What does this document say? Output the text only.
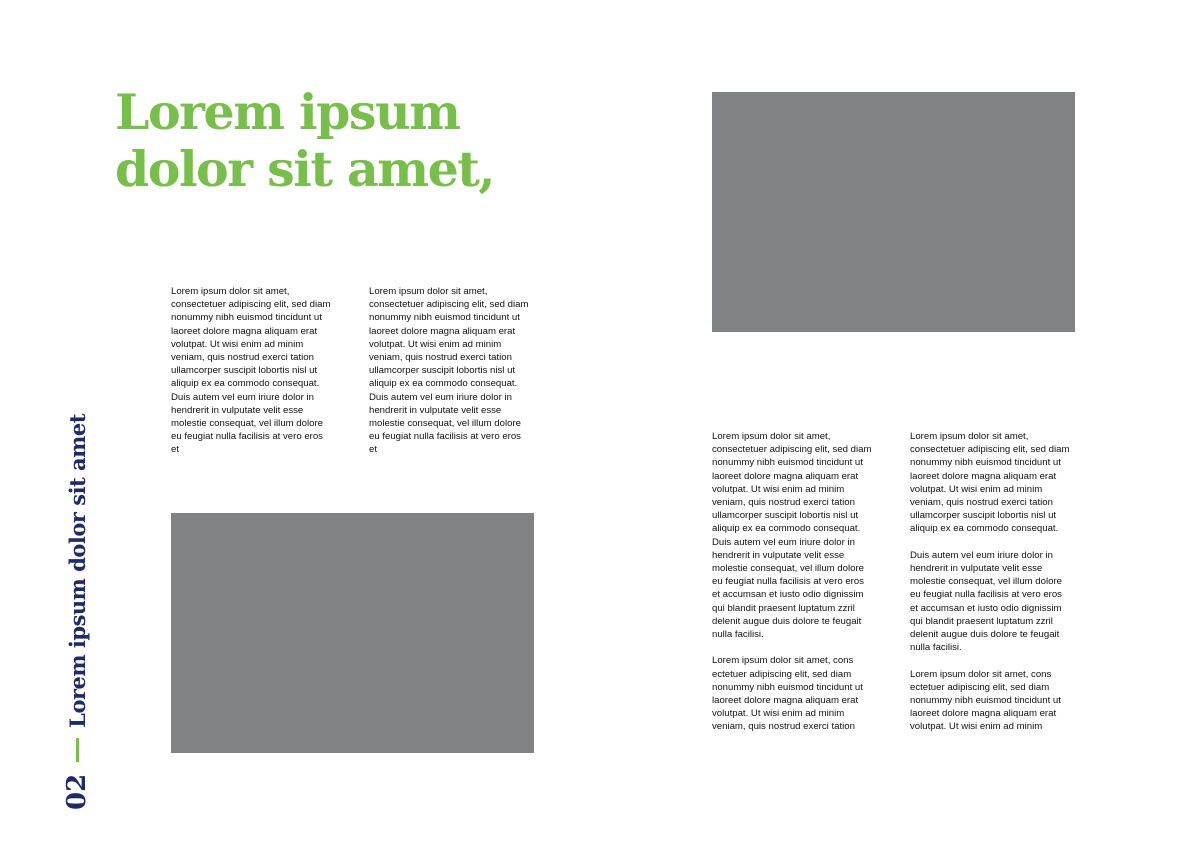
Lorem ipsum
dolor sit amet,

Lorem ipsum dolor sit amet, consectetuer adipiscing elit, sed diam nonummy nibh euismod tincidunt ut laoreet dolore magna aliquam erat volutpat. Ut wisi enim ad minim veniam, quis nostrud exerci tation ullamcorper suscipit lobortis nisl ut aliquip ex ea commodo consequat. Duis autem vel eum iriure dolor in hendrerit in vulputate velit esse molestie consequat, vel illum dolore eu feugiat nulla facilisis at vero eros et

Lorem ipsum dolor sit amet, consectetuer adipiscing elit, sed diam nonummy nibh euismod tincidunt ut laoreet dolore magna aliquam erat volutpat. Ut wisi enim ad minim veniam, quis nostrud exerci tation ullamcorper suscipit lobortis nisl ut aliquip ex ea commodo consequat. Duis autem vel eum iriure dolor in hendrerit in vulputate velit esse molestie consequat, vel illum dolore eu feugiat nulla facilisis at vero eros et

02
Lorem ipsum dolor sit amet	Lorem ipsum dolor sit amet, consectetuer adipiscing elit, sed diam nonummy nibh euismod tincidunt ut laoreet dolore magna aliquam erat volutpat. Ut wisi enim ad minim veniam, quis nostrud exerci tation ullamcorper suscipit lobortis nisl ut aliquip ex ea commodo consequat. Duis autem vel eum iriure dolor in hendrerit in vulputate velit esse molestie consequat, vel illum dolore eu feugiat nulla facilisis at vero eros et accumsan et iusto odio dignissim qui blandit praesent luptatum zzril delenit augue duis dolore te feugait nulla facilisi.

Lorem ipsum dolor sit amet, cons ectetuer adipiscing elit, sed diam nonummy nibh euismod tincidunt ut laoreet dolore magna aliquam erat volutpat. Ut wisi enim ad minim veniam, quis nostrud exerci tation

Lorem ipsum dolor sit amet, consectetuer adipiscing elit, sed diam nonummy nibh euismod tincidunt ut laoreet dolore magna aliquam erat volutpat. Ut wisi enim ad minim veniam, quis nostrud exerci tation ullamcorper suscipit lobortis nisl ut aliquip ex ea commodo consequat.

Duis autem vel eum iriure dolor in hendrerit in vulputate velit esse molestie consequat, vel illum dolore eu feugiat nulla facilisis at vero eros et accumsan et iusto odio dignissim qui blandit praesent luptatum zzril delenit augue duis dolore te feugait nulla facilisi.

Lorem ipsum dolor sit amet, cons ectetuer adipiscing elit, sed diam nonummy nibh euismod tincidunt ut laoreet dolore magna aliquam erat volutpat. Ut wisi enim ad minim
